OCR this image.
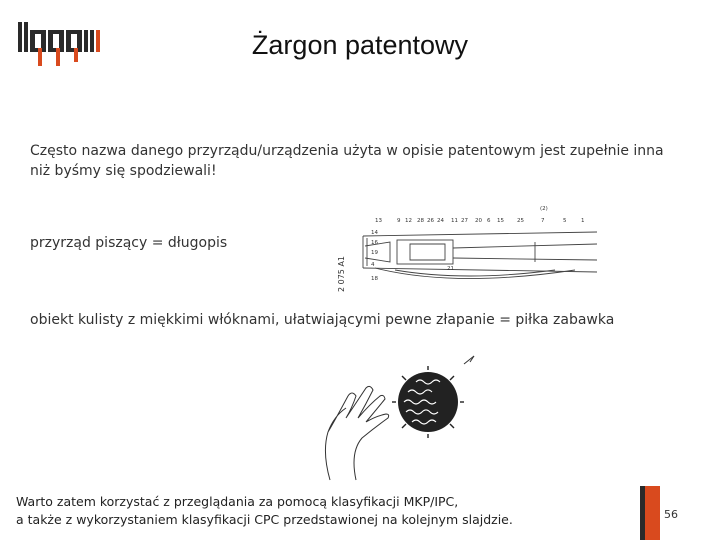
Żargon patentowy
Często nazwa danego przyrządu/urządzenia użyta w opisie patentowym jest zupełnie inna
niż byśmy się spodziewali!
przyrząd piszący = długopis
13	9 12 28 26 24 11 27 20 6 15 25	7	5	1
(2)
14
16
19
4
18
21
2 075 A1
obiekt kulisty z miękkimi włóknami, ułatwiającymi pewne złapanie = piłka zabawka
Warto zatem korzystać z przeglądania za pomocą klasyfikacji MKP/IPC,
a także z wykorzystaniem klasyfikacji CPC przedstawionej na kolejnym slajdzie.	56
